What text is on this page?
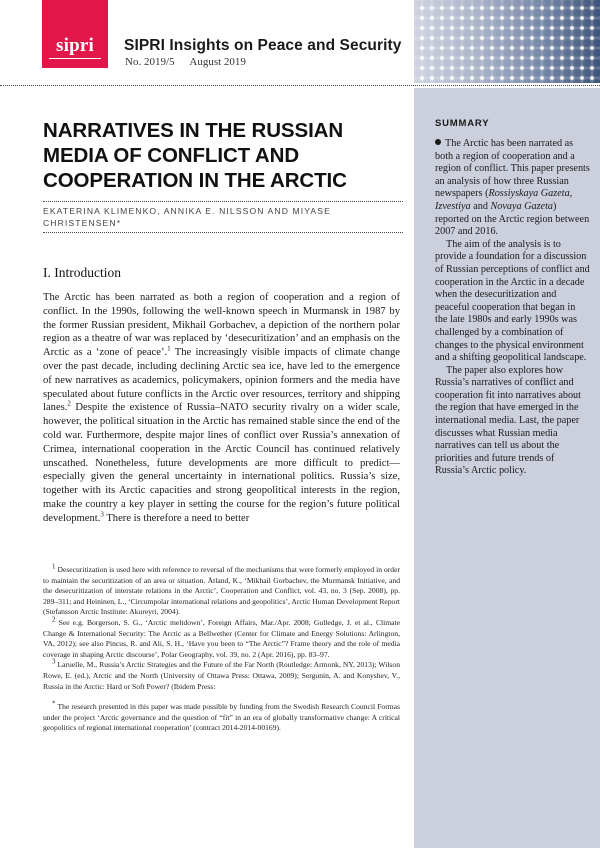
sipri	SIPRI Insights on Peace and Security
No. 2019/5 August 2019
SUMMARY

The Arctic has been narrated as both a region of cooperation and a region of conflict. This paper presents an analysis of how three Russian newspapers (Rossiyskaya Gazeta, Izvestiya and Novaya Gazeta) reported on the Arctic region between 2007 and 2016.

The aim of the analysis is to provide a foundation for a discussion of Russian perceptions of conflict and cooperation in the Arctic in a decade when the desecuritization and peaceful cooperation that began in the late 1980s and early 1990s was challenged by a combination of changes to the physical environment and a shifting geopolitical landscape.

The paper also explores how Russia’s narratives of conflict and cooperation fit into narratives about the region that have emerged in the international media. Last, the paper discusses what Russian media narratives can tell us about the priorities and future trends of Russia’s Arctic policy.

NARRATIVES IN THE RUSSIAN MEDIA OF CONFLICT AND COOPERATION IN THE ARCTIC
EKATERINA KLIMENKO, ANNIKA E. NILSSON AND MIYASE CHRISTENSEN*
I. Introduction
The Arctic has been narrated as both a region of cooperation and a region of conflict. In the 1990s, following the well-known speech in Murmansk in 1987 by the former Russian president, Mikhail Gorbachev, a depiction of the northern polar region as a theatre of war was replaced by ‘desecuritization’ and an emphasis on the Arctic as a ‘zone of peace’.$^1$ The increasingly visible impacts of climate change over the past decade, including declining Arctic sea ice, have led to the emergence of new narratives as academics, policymakers, opinion formers and the media have speculated about future conflicts in the Arctic over resources, territory and shipping lanes.$^2$ Despite the existence of Russia–NATO security rivalry on a wider scale, however, the political situation in the Arctic has remained stable since the end of the cold war. Furthermore, despite major lines of conflict over Russia’s annexation of Crimea, international cooperation in the Arctic Council has continued relatively unscathed. Nonetheless, future developments are more difficult to predict—especially given the general uncertainty in international politics. Russia’s size, together with its Arctic capacities and strong geopolitical interests in the region, make the country a key player in setting the course for the region’s future political development.$^3$ There is therefore a need to better

$^1$ Desecuritization is used here with reference to reversal of the mechanisms that were formerly employed in order to maintain the securitization of an area or situation. Åtland, K., ‘Mikhail Gorbachev, the Murmansk Initiative, and the desecuritization of interstate relations in the Arctic’, Cooperation and Conflict, vol. 43, no. 3 (Sep. 2008), pp. 289–311; and Heininen, L., ‘Circumpolar international relations and geopolitics’, Arctic Human Development Report (Stefansson Arctic Institute: Akureyri, 2004).

$^2$ See e.g. Borgerson, S. G., ‘Arctic meltdown’, Foreign Affairs, Mar./Apr. 2008; Gulledge, J. et al., Climate Change & International Security: The Arctic as a Bellwether (Center for Climate and Energy Solutions: Arlington, VA, 2012); see also Pincus, R. and Ali, S. H., ‘Have you been to “The Arctic”? Frame theory and the role of media coverage in shaping Arctic discourse’, Polar Geography, vol. 39, no. 2 (Apr. 2016), pp. 83–97.

$^3$ Laruelle, M., Russia’s Arctic Strategies and the Future of the Far North (Routledge: Armonk, NY, 2013); Wilson Rowe, E. (ed.), Arctic and the North (University of Ottawa Press: Ottawa, 2009); Sergunin, A. and Konyshev, V., Russia in the Arctic: Hard or Soft Power? (Ibidem Press:

* The research presented in this paper was made possible by funding from the Swedish Research Council Formas under the project ‘Arctic governance and the question of “fit” in an era of globally transformative change: A critical geopolitics of regional international cooperation’ (contract 2014-2014-00169).
